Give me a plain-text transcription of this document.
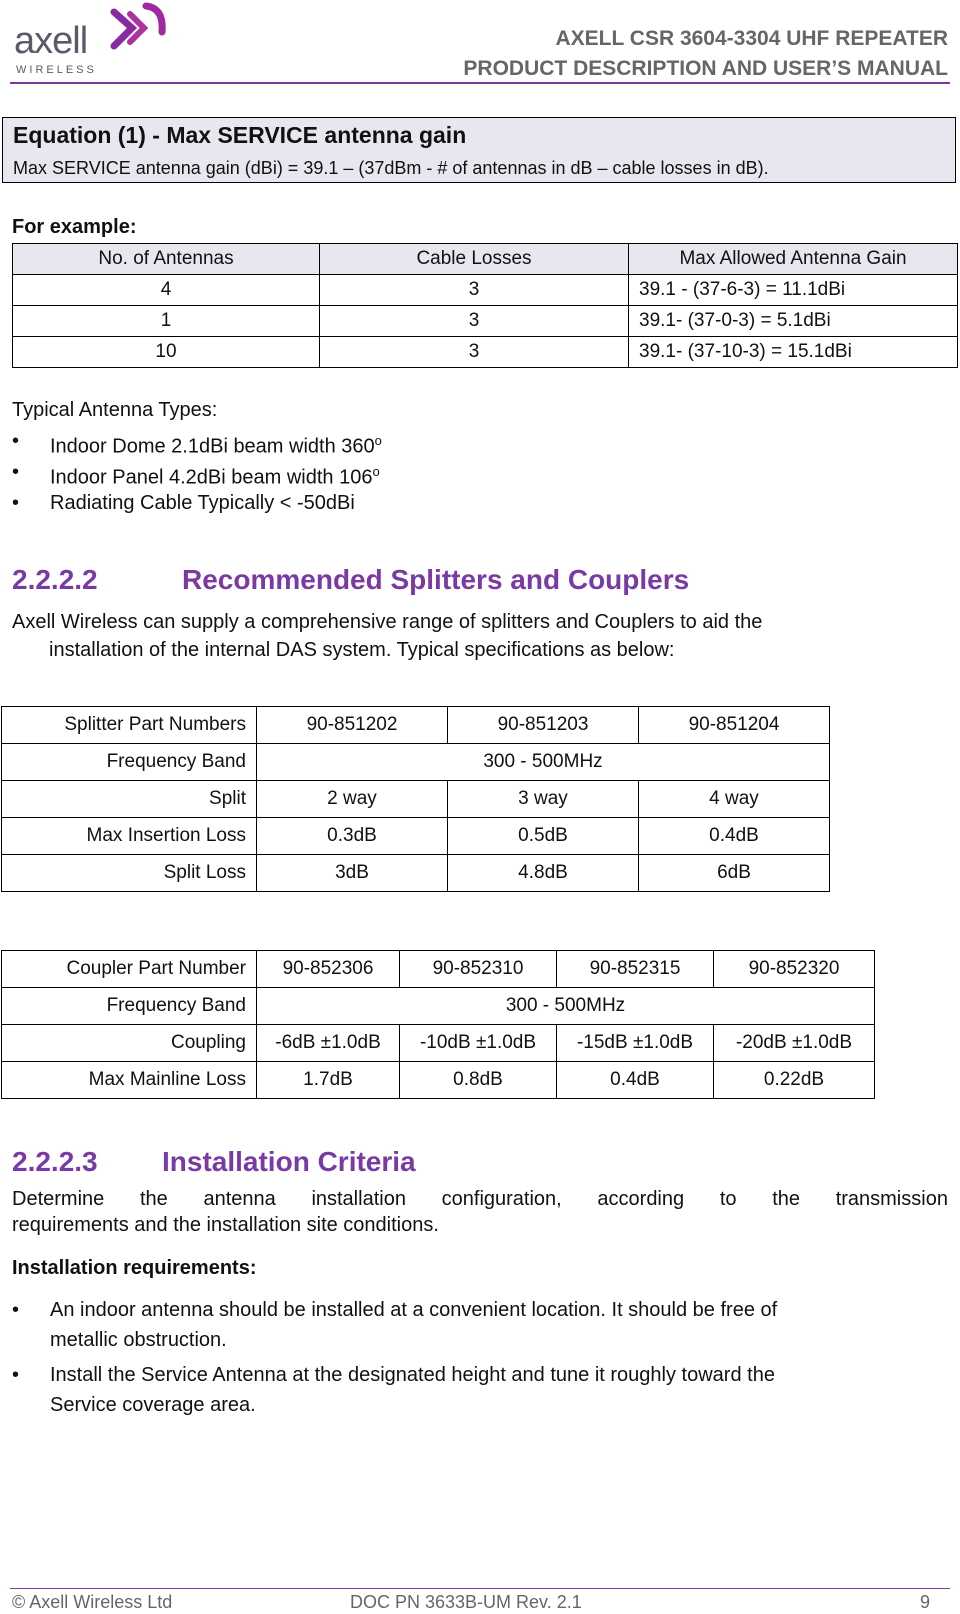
axell
WIRELESS
AXELL CSR 3604-3304 UHF REPEATER
PRODUCT DESCRIPTION AND USER’S MANUAL
Equation (1) - Max SERVICE antenna gain
Max SERVICE antenna gain (dBi) = 39.1 – (37dBm - # of antennas in dB – cable losses in dB).
For example:
No. of Antennas	Cable Losses	Max Allowed Antenna Gain
4	3	39.1 - (37-6-3) = 11.1dBi
1	3	39.1- (37-0-3) = 5.1dBi
10	3	39.1- (37-10-3) = 15.1dBi
Typical Antenna Types:
• Indoor Dome 2.1dBi beam width 360$^o$
• Indoor Panel 4.2dBi beam width 106$^o$
• Radiating Cable Typically < -50dBi
2.2.2.2	Recommended Splitters and Couplers
Axell Wireless can supply a comprehensive range of splitters and Couplers to aid the
installation of the internal DAS system. Typical specifications as below:
Splitter Part Numbers	90-851202	90-851203	90-851204
Frequency Band	300 - 500MHz		
Split	2 way	3 way	4 way
Max Insertion Loss	0.3dB	0.5dB	0.4dB
Split Loss	3dB	4.8dB	6dB
Coupler Part Number	90-852306	90-852310	90-852315	90-852320
Frequency Band	300 - 500MHz			
Coupling	-6dB ±1.0dB	-10dB ±1.0dB	-15dB ±1.0dB	-20dB ±1.0dB
Max Mainline Loss	1.7dB	0.8dB	0.4dB	0.22dB
2.2.2.3 Installation Criteria
Determine the antenna installation configuration, according to the transmission
requirements and the installation site conditions.
Installation requirements:
• An indoor antenna should be installed at a convenient location. It should be free of
metallic obstruction.
• Install the Service Antenna at the designated height and tune it roughly toward the
Service coverage area.
© Axell Wireless Ltd	DOC PN 3633B-UM Rev. 2.1	9
